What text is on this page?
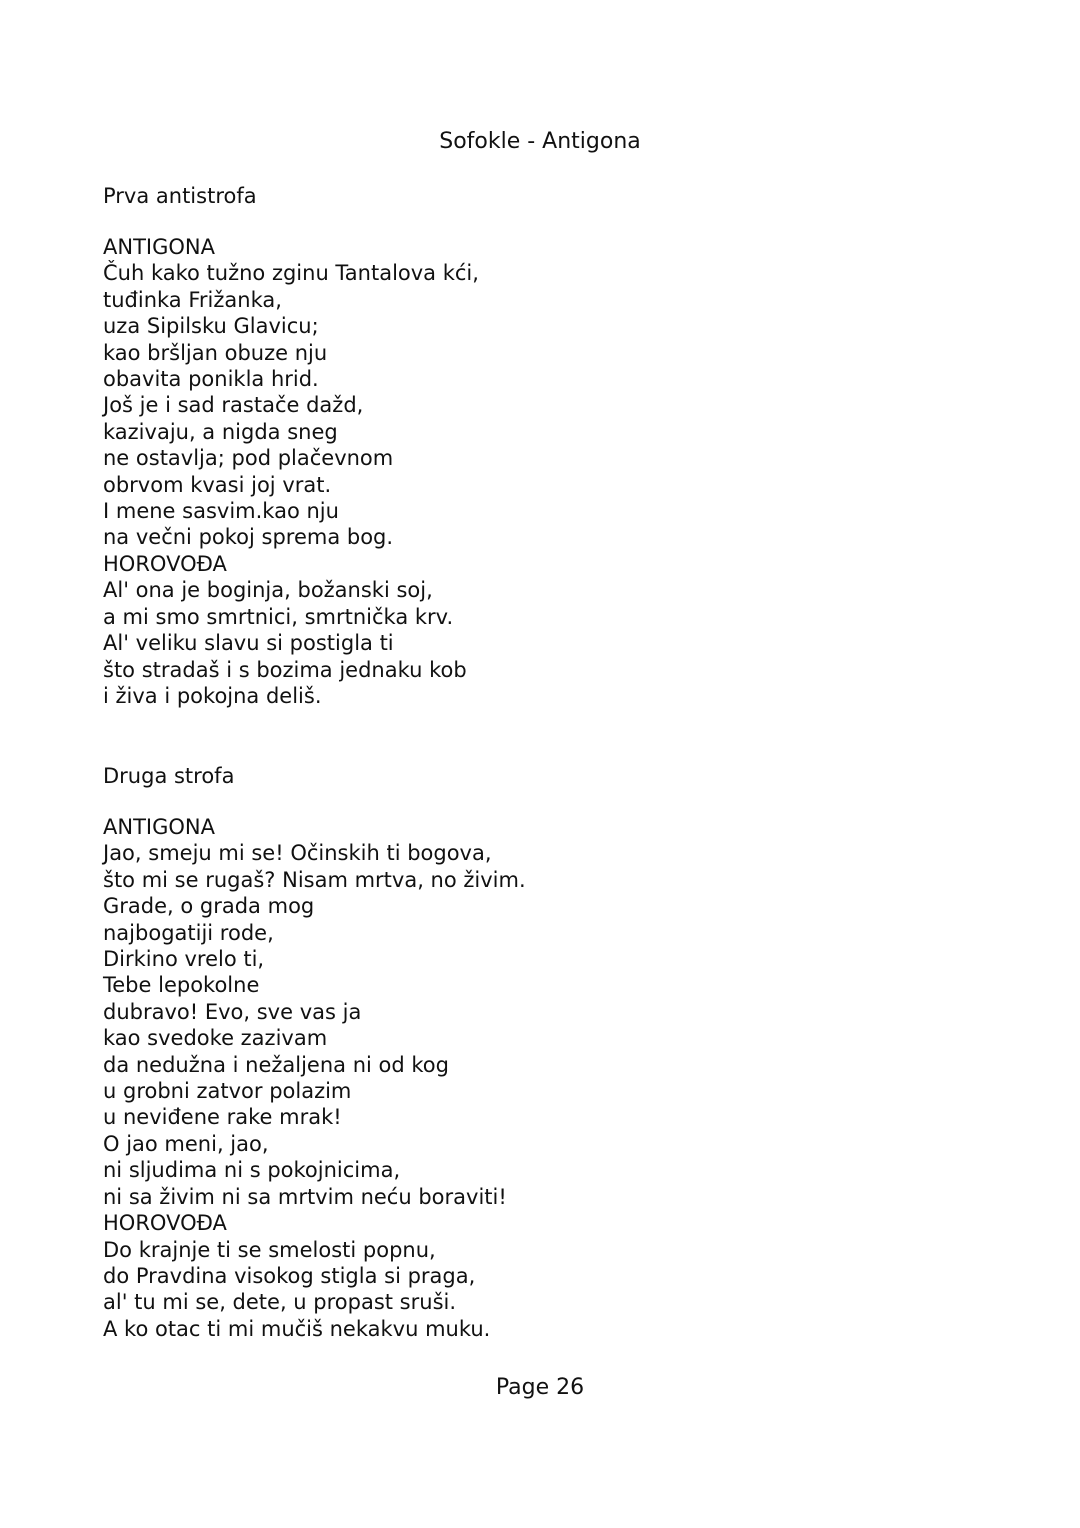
Sofokle - Antigona
Prva antistrofa
ANTIGONA
Čuh kako tužno zginu Tantalova kći,
tuđinka Frižanka,
uza Sipilsku Glavicu;
kao bršljan obuze nju
obavita ponikla hrid.
Još je i sad rastače dažd,
kazivaju, a nigda sneg
ne ostavlja; pod plačevnom
obrvom kvasi joj vrat.
I mene sasvim.kao nju
na večni pokoj sprema bog.
HOROVOĐA
Al' ona je boginja, božanski soj,
a mi smo smrtnici, smrtnička krv.
Al' veliku slavu si postigla ti
što stradaš i s bozima jednaku kob
i živa i pokojna deliš.
Druga strofa
ANTIGONA
Jao, smeju mi se! Očinskih ti bogova,
što mi se rugaš? Nisam mrtva, no živim.
Grade, o grada mog
najbogatiji rode,
Dirkino vrelo ti,
Tebe lepokolne
dubravo! Evo, sve vas ja
kao svedoke zazivam
da nedužna i nežaljena ni od kog
u grobni zatvor polazim
u neviđene rake mrak!
O jao meni, jao,
ni sljudima ni s pokojnicima,
ni sa živim ni sa mrtvim neću boraviti!
HOROVOĐA
Do krajnje ti se smelosti popnu,
do Pravdina visokog stigla si praga,
al' tu mi se, dete, u propast sruši.
A ko otac ti mi mučiš nekakvu muku.
Page 26
